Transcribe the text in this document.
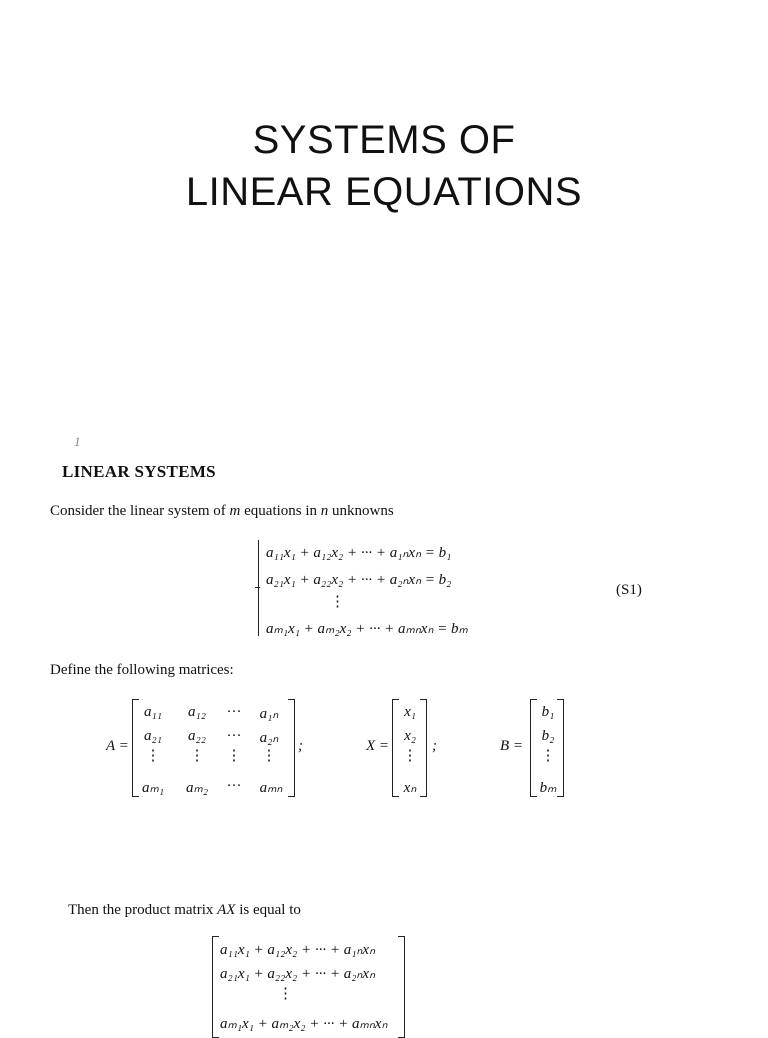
SYSTEMS OF
LINEAR EQUATIONS
1
LINEAR SYSTEMS
Consider the linear system of m equations in n unknowns
a₁₁x₁ + a₁₂x₂ + ··· + a₁ₙxₙ = b₁
a₂₁x₁ + a₂₂x₂ + ··· + a₂ₙxₙ = b₂
⋮
aₘ₁x₁ + aₘ₂x₂ + ··· + aₘₙxₙ = bₘ
(S1)
Define the following matrices:
A =
a₁₁	a₁₂	···	a₁ₙ
a₂₁	a₂₂	···	a₂ₙ
⋮	⋮	⋮	⋮
aₘ₁ aₘ₂ ···	aₘₙ
;	X =
x₁
x₂
⋮
xₙ
;	B =
b₁
b₂
⋮
bₘ
Then the product matrix AX is equal to
a₁₁x₁ + a₁₂x₂ + ··· + a₁ₙxₙ
a₂₁x₁ + a₂₂x₂ + ··· + a₂ₙxₙ
⋮
aₘ₁x₁ + aₘ₂x₂ + ··· + aₘₙxₙ
